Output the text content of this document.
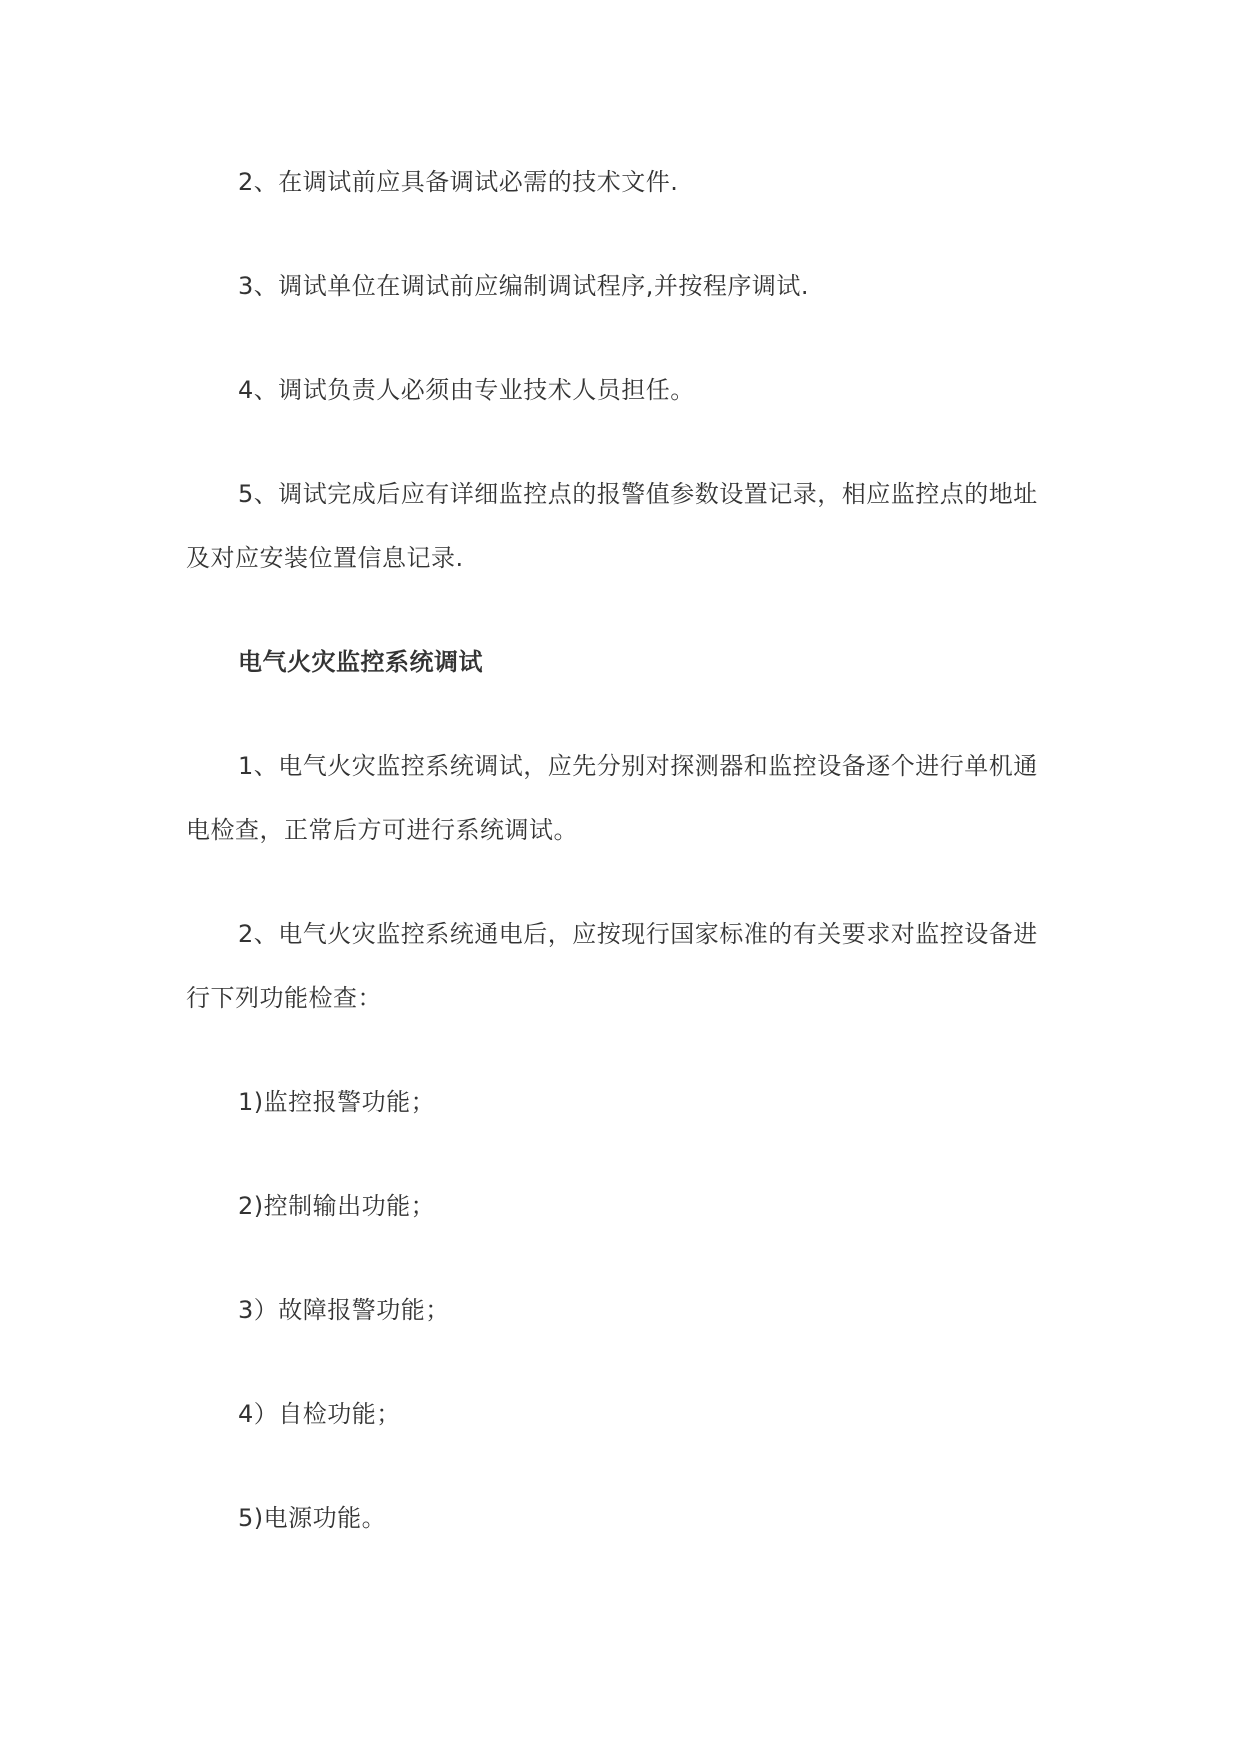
2、在调试前应具备调试必需的技术文件.

3、调试单位在调试前应编制调试程序,并按程序调试.

4、调试负责人必须由专业技术人员担任。

5、调试完成后应有详细监控点的报警值参数设置记录，相应监控点的地址及对应安装位置信息记录.

电气火灾监控系统调试

1、电气火灾监控系统调试，应先分别对探测器和监控设备逐个进行单机通电检查，正常后方可进行系统调试。

2、电气火灾监控系统通电后，应按现行国家标准的有关要求对监控设备进行下列功能检查：

1)监控报警功能；

2)控制输出功能；

3）故障报警功能；

4）自检功能；

5)电源功能。
